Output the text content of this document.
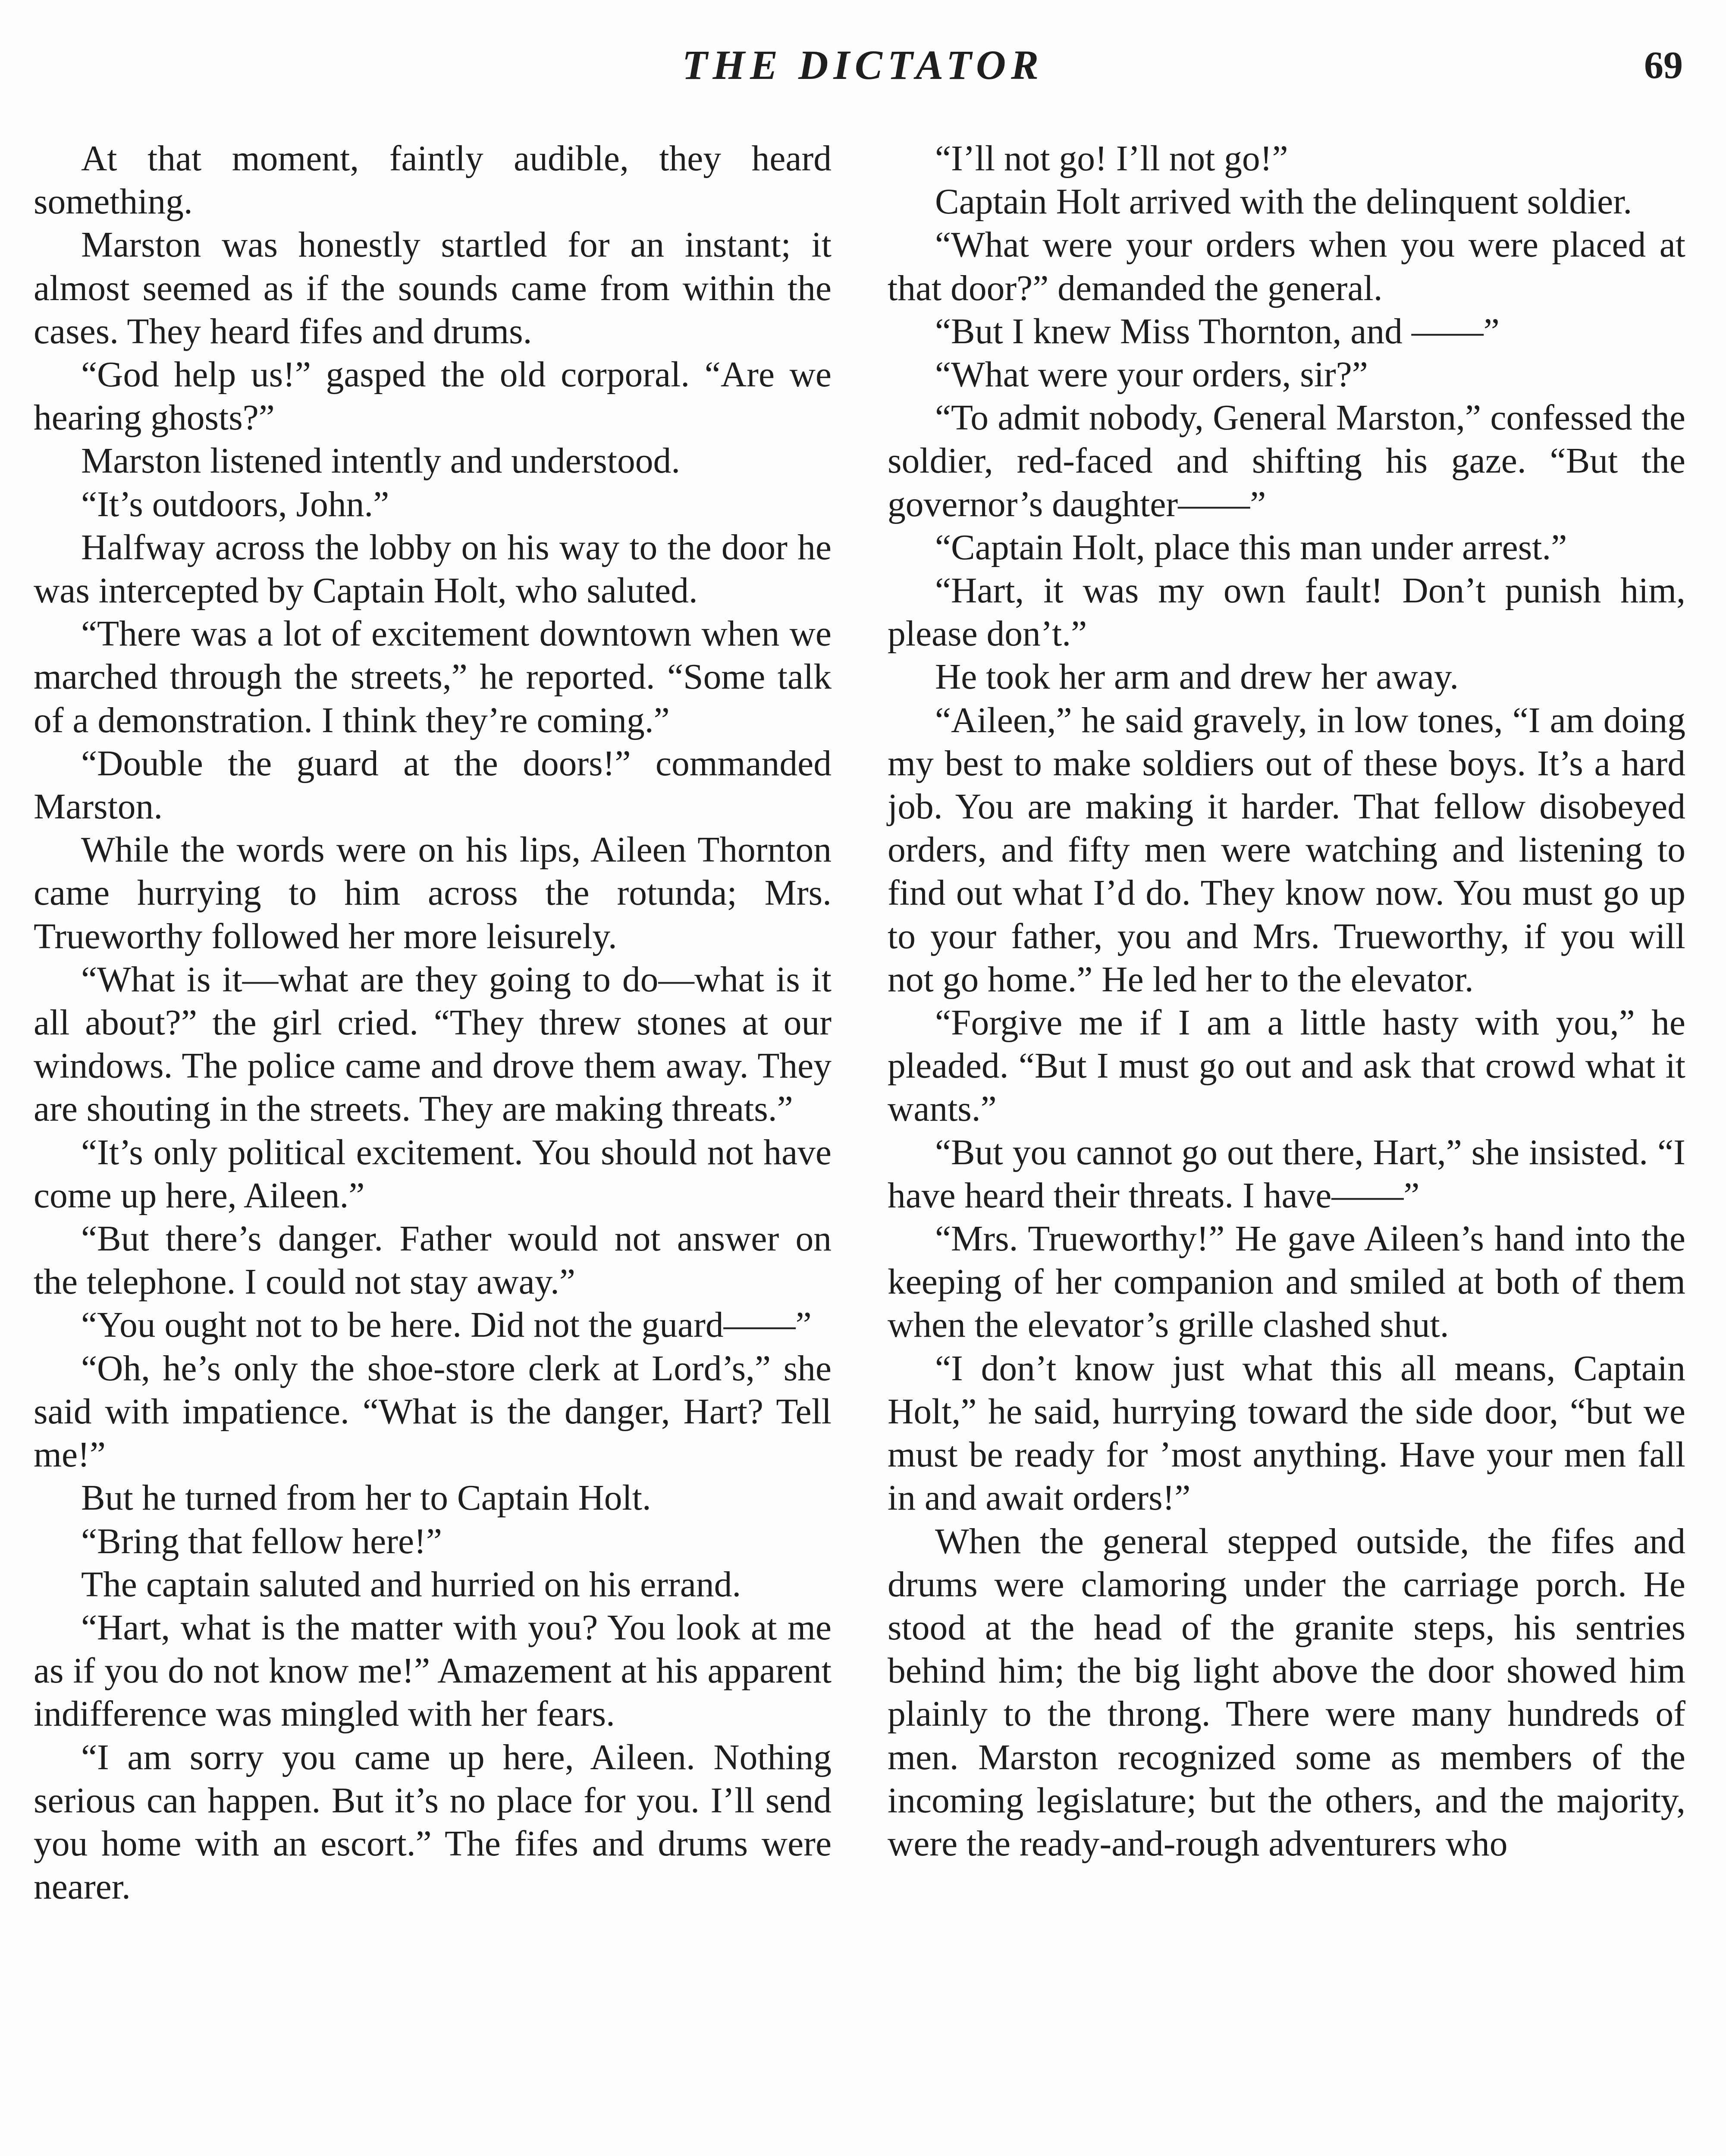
THE DICTATOR	69

At that moment, faintly audible, they heard something.

Marston was honestly startled for an instant; it almost seemed as if the sounds came from within the cases. They heard fifes and drums.

“God help us!” gasped the old corporal. “Are we hearing ghosts?”

Marston listened intently and understood.

“It’s outdoors, John.”

Halfway across the lobby on his way to the door he was intercepted by Captain Holt, who saluted.

“There was a lot of excitement downtown when we marched through the streets,” he reported. “Some talk of a demonstration. I think they’re coming.”

“Double the guard at the doors!” commanded Marston.

While the words were on his lips, Aileen Thornton came hurrying to him across the rotunda; Mrs. Trueworthy followed her more leisurely.

“What is it—what are they going to do—what is it all about?” the girl cried. “They threw stones at our windows. The police came and drove them away. They are shouting in the streets. They are making threats.”

“It’s only political excitement. You should not have come up here, Aileen.”

“But there’s danger. Father would not answer on the telephone. I could not stay away.”

“You ought not to be here. Did not the guard——”

“Oh, he’s only the shoe-store clerk at Lord’s,” she said with impatience. “What is the danger, Hart? Tell me!”

But he turned from her to Captain Holt.

“Bring that fellow here!”

The captain saluted and hurried on his errand.

“Hart, what is the matter with you? You look at me as if you do not know me!” Amazement at his apparent indifference was mingled with her fears.

“I am sorry you came up here, Aileen. Nothing serious can happen. But it’s no place for you. I’ll send you home with an escort.” The fifes and drums were nearer.

“I’ll not go! I’ll not go!”

Captain Holt arrived with the delinquent soldier.

“What were your orders when you were placed at that door?” demanded the general.

“But I knew Miss Thornton, and ——”

“What were your orders, sir?”

“To admit nobody, General Marston,” confessed the soldier, red-faced and shifting his gaze. “But the governor’s daughter——”

“Captain Holt, place this man under arrest.”

“Hart, it was my own fault! Don’t punish him, please don’t.”

He took her arm and drew her away.

“Aileen,” he said gravely, in low tones, “I am doing my best to make soldiers out of these boys. It’s a hard job. You are making it harder. That fellow disobeyed orders, and fifty men were watching and listening to find out what I’d do. They know now. You must go up to your father, you and Mrs. Trueworthy, if you will not go home.” He led her to the elevator.

“Forgive me if I am a little hasty with you,” he pleaded. “But I must go out and ask that crowd what it wants.”

“But you cannot go out there, Hart,” she insisted. “I have heard their threats. I have——”

“Mrs. Trueworthy!” He gave Aileen’s hand into the keeping of her companion and smiled at both of them when the elevator’s grille clashed shut.

“I don’t know just what this all means, Captain Holt,” he said, hurrying toward the side door, “but we must be ready for ’most anything. Have your men fall in and await orders!”

When the general stepped outside, the fifes and drums were clamoring under the carriage porch. He stood at the head of the granite steps, his sentries behind him; the big light above the door showed him plainly to the throng. There were many hundreds of men. Marston recognized some as members of the incoming legislature; but the others, and the majority, were the ready-and-rough adventurers who
